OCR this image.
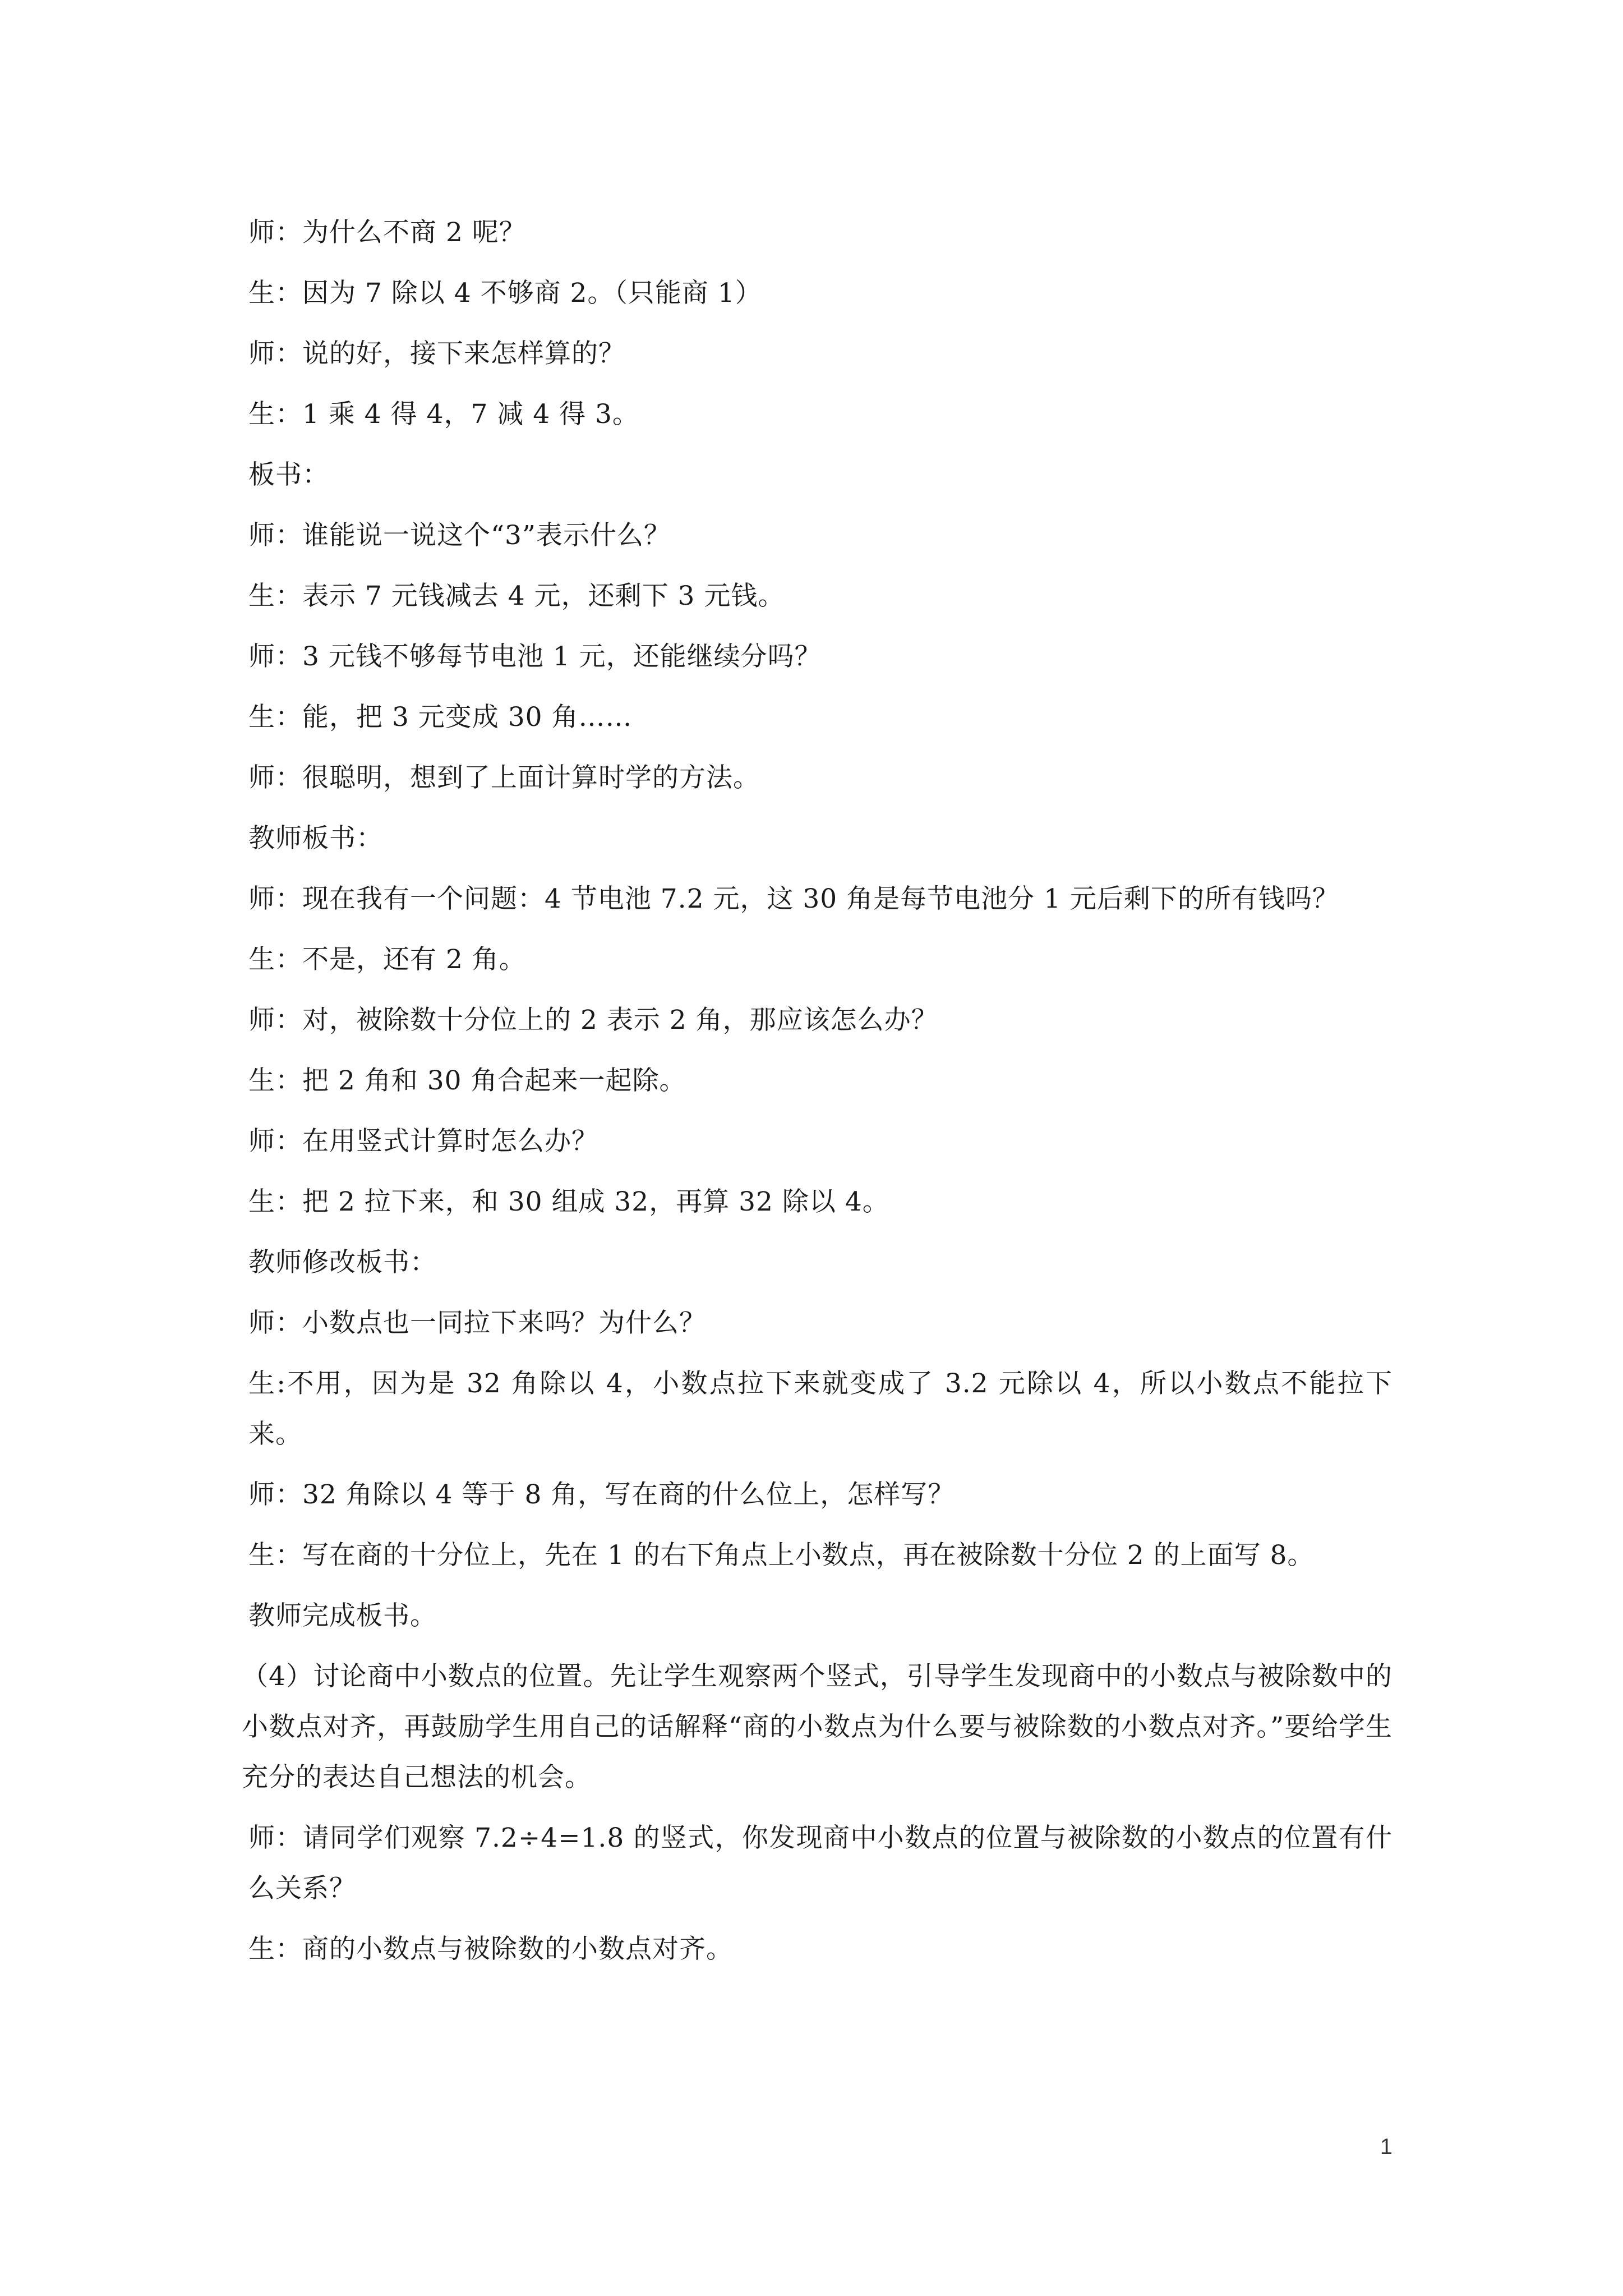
师：为什么不商 2 呢？

生：因为 7 除以 4 不够商 2。（只能商 1）

师：说的好，接下来怎样算的？

生：1 乘 4 得 4，7 减 4 得 3。

板书：

师：谁能说一说这个“3”表示什么？

生：表示 7 元钱减去 4 元，还剩下 3 元钱。

师：3 元钱不够每节电池 1 元，还能继续分吗？

生：能，把 3 元变成 30 角……

师：很聪明，想到了上面计算时学的方法。

教师板书：

师：现在我有一个问题：4 节电池 7.2 元，这 30 角是每节电池分 1 元后剩下的所有钱吗？

生：不是，还有 2 角。

师：对，被除数十分位上的 2 表示 2 角，那应该怎么办？

生：把 2 角和 30 角合起来一起除。

师：在用竖式计算时怎么办？

生：把 2 拉下来，和 30 组成 32，再算 32 除以 4。

教师修改板书：

师：小数点也一同拉下来吗？为什么？

生:不用，因为是 32 角除以 4，小数点拉下来就变成了 3.2 元除以 4，所以小数点不能拉下来。

师：32 角除以 4 等于 8 角，写在商的什么位上，怎样写？

生：写在商的十分位上，先在 1 的右下角点上小数点，再在被除数十分位 2 的上面写 8。

教师完成板书。

（4）讨论商中小数点的位置。先让学生观察两个竖式，引导学生发现商中的小数点与被除数中的小数点对齐，再鼓励学生用自己的话解释“商的小数点为什么要与被除数的小数点对齐。”要给学生充分的表达自己想法的机会。

师：请同学们观察 7.2÷4=1.8 的竖式，你发现商中小数点的位置与被除数的小数点的位置有什么关系？

生：商的小数点与被除数的小数点对齐。

1
